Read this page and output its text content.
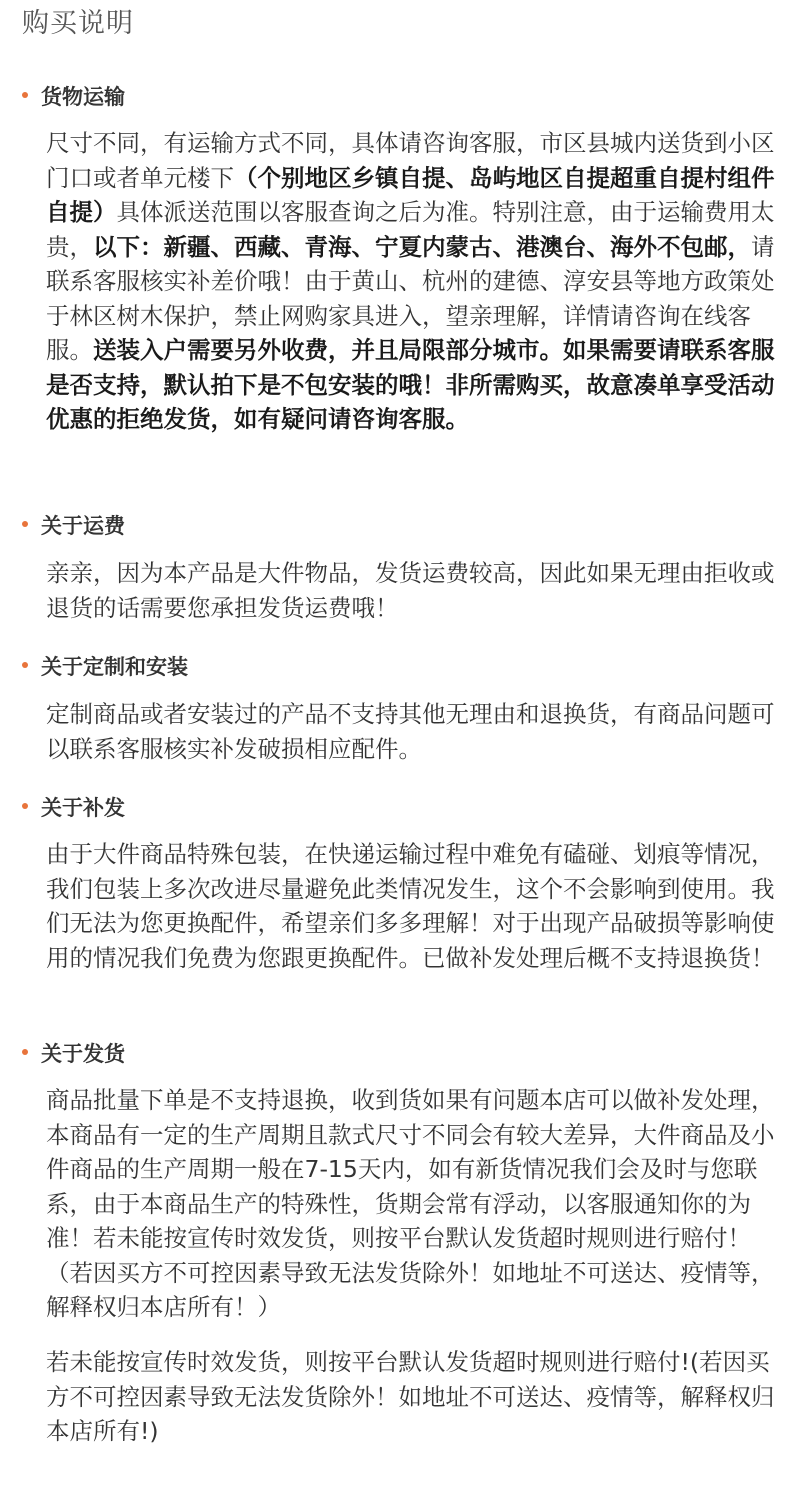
购买说明
货物运输

尺寸不同，有运输方式不同，具体请咨询客服，市区县城内送货到小区门口或者单元楼下（个别地区乡镇自提、岛屿地区自提超重自提村组件自提）具体派送范围以客服查询之后为准。特别注意，由于运输费用太贵，以下：新疆、西藏、青海、宁夏内蒙古、港澳台、海外不包邮，请联系客服核实补差价哦！由于黄山、杭州的建德、淳安县等地方政策处于林区树木保护，禁止网购家具进入，望亲理解，详情请咨询在线客服。送装入户需要另外收费，并且局限部分城市。如果需要请联系客服是否支持，默认拍下是不包安装的哦！非所需购买，故意凑单享受活动优惠的拒绝发货，如有疑问请咨询客服。

关于运费

亲亲，因为本产品是大件物品，发货运费较高，因此如果无理由拒收或退货的话需要您承担发货运费哦！

关于定制和安装

定制商品或者安装过的产品不支持其他无理由和退换货，有商品问题可以联系客服核实补发破损相应配件。

关于补发

由于大件商品特殊包装，在快递运输过程中难免有磕碰、划痕等情况，我们包装上多次改进尽量避免此类情况发生，这个不会影响到使用。我们无法为您更换配件，希望亲们多多理解！对于出现产品破损等影响使用的情况我们免费为您跟更换配件。已做补发处理后概不支持退换货！

关于发货

商品批量下单是不支持退换，收到货如果有问题本店可以做补发处理，本商品有一定的生产周期且款式尺寸不同会有较大差异，大件商品及小件商品的生产周期一般在7-15天内，如有新货情况我们会及时与您联系，由于本商品生产的特殊性，货期会常有浮动，以客服通知你的为准！若未能按宣传时效发货，则按平台默认发货超时规则进行赔付！（若因买方不可控因素导致无法发货除外！如地址不可送达、疫情等，解释权归本店所有！）

若未能按宣传时效发货，则按平台默认发货超时规则进行赔付!(若因买方不可控因素导致无法发货除外！如地址不可送达、疫情等，解释权归本店所有!)
